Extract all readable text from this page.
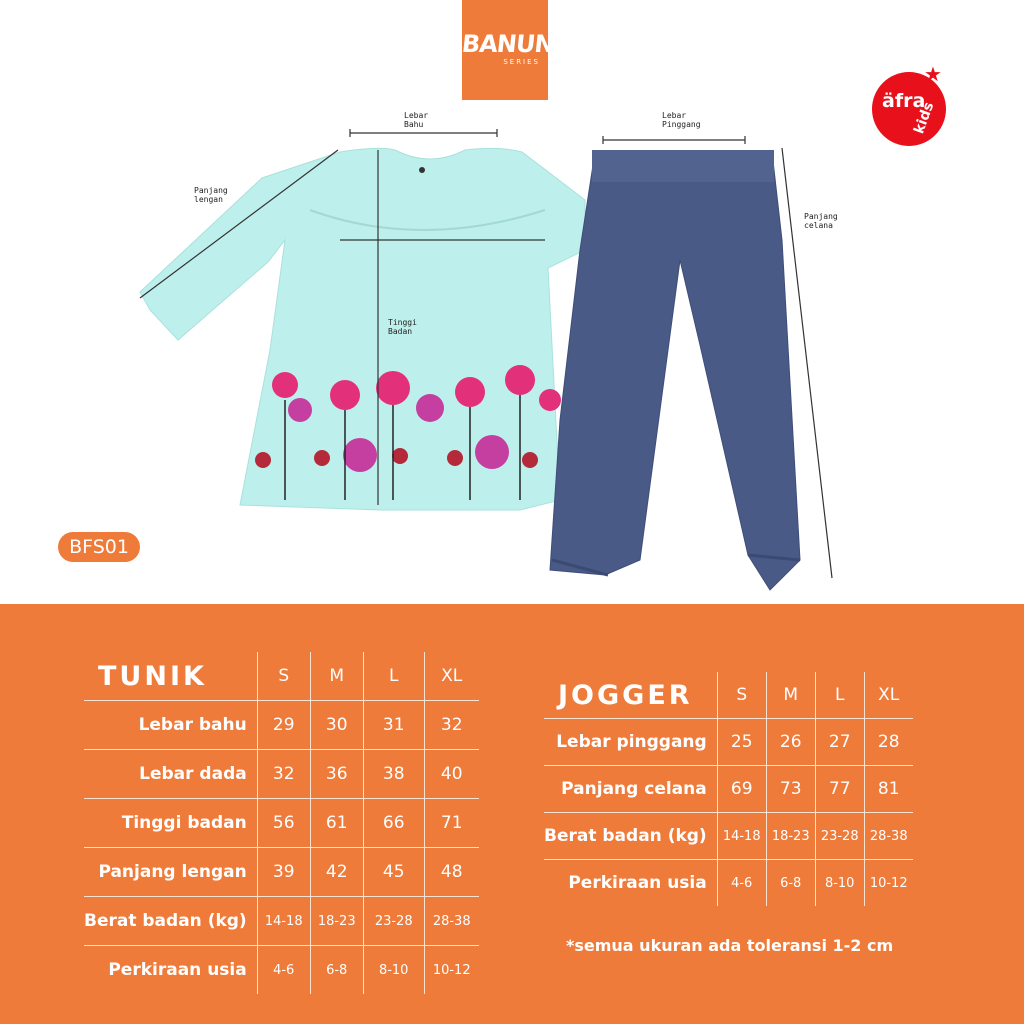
BANUN
SERIES	★
äfra
kids
Lebar
Bahu
Panjang
lengan
Tinggi
Badan
Lebar
Pinggang
Panjang
celana
BFS01
TUNIK	S	M	L	XL
Lebar bahu	29	30	31	32
Lebar dada	32	36	38	40
Tinggi badan	56	61	66	71
Panjang lengan	39	42	45	48
Berat badan (kg)	14-18	18-23	23-28	28-38
Perkiraan usia	4-6	6-8	8-10	10-12
JOGGER	S	M	L	XL
Lebar pinggang	25	26	27	28
Panjang celana	69	73	77	81
Berat badan (kg)	14-18	18-23	23-28	28-38
Perkiraan usia	4-6	6-8	8-10	10-12
*semua ukuran ada toleransi 1-2 cm
